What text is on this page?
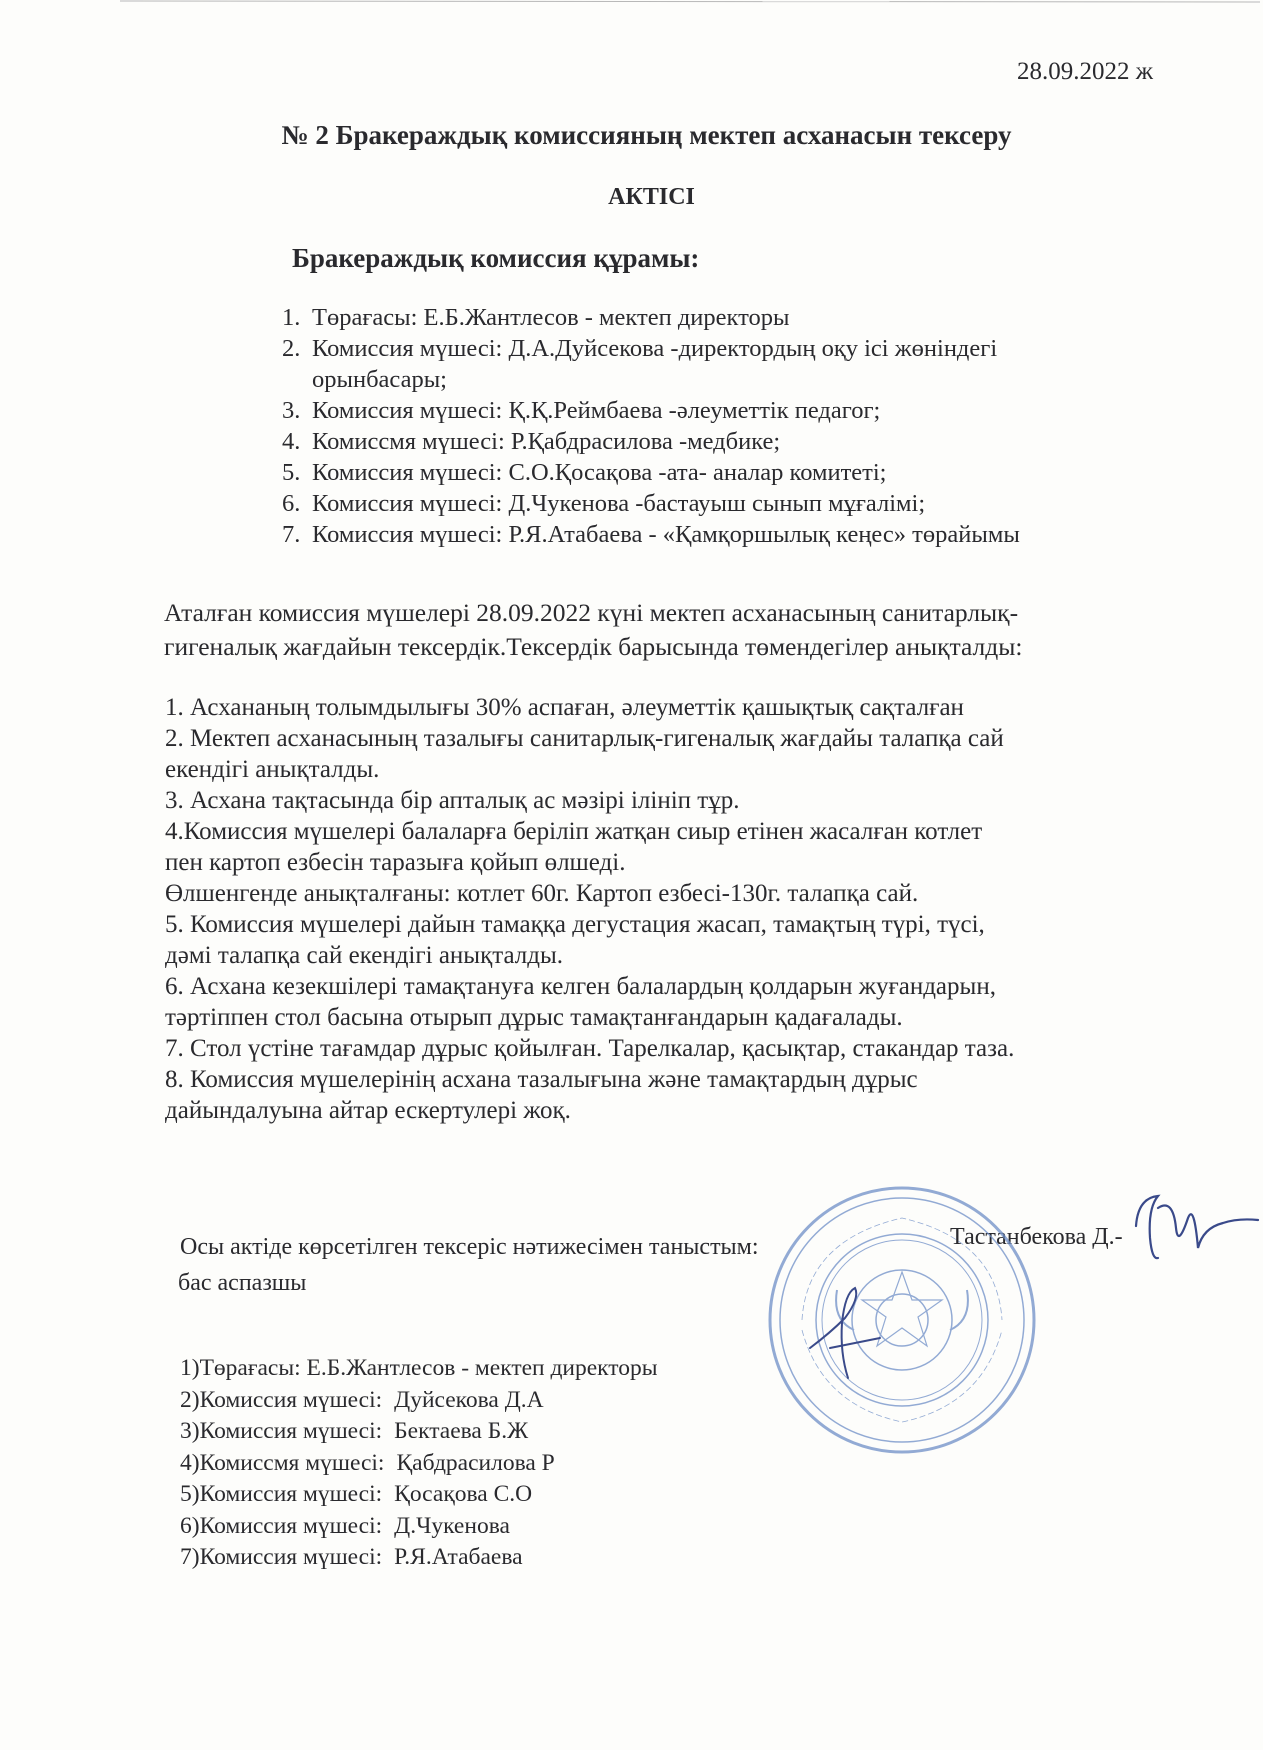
28.09.2022 ж
№ 2 Бракераждық комиссияның мектеп асханасын тексеру
АКТІСІ
Бракераждық комиссия құрамы:
1. Төрағасы: Е.Б.Жантлесов - мектеп директоры
2. Комиссия мүшесі: Д.А.Дуйсекова -директордың оқу ісі жөніндегі
орынбасары;
3. Комиссия мүшесі: Қ.Қ.Реймбаева -әлеуметтік педагог;
4. Комиссмя мүшесі: Р.Қабдрасилова -медбике;
5. Комиссия мүшесі: С.О.Қосақова -ата- аналар комитеті;
6. Комиссия мүшесі: Д.Чукенова -бастауыш сынып мұғалімі;
7. Комиссия мүшесі: Р.Я.Атабаева - «Қамқоршылық кеңес» төрайымы
Аталған комиссия мүшелері 28.09.2022 күні мектеп асханасының санитарлық-
гигеналық жағдайын тексердік.Тексердік барысында төмендегілер анықталды:
1. Асхананың толымдылығы 30% аспаған, әлеуметтік қашықтық сақталған
2. Мектеп асханасының тазалығы санитарлық-гигеналық жағдайы талапқа сай
екендігі анықталды.
3. Асхана тақтасында бір апталық ас мәзірі ілініп тұр.
4.Комиссия мүшелері балаларға беріліп жатқан сиыр етінен жасалған котлет
пен картоп езбесін таразыға қойып өлшеді.
Өлшенгенде анықталғаны: котлет 60г. Картоп езбесі-130г. талапқа сай.
5. Комиссия мүшелері дайын тамаққа дегустация жасап, тамақтың түрі, түсі,
дәмі талапқа сай екендігі анықталды.
6. Асхана кезекшілері тамақтануға келген балалардың қолдарын жуғандарын,
тәртіппен стол басына отырып дұрыс тамақтанғандарын қадағалады.
7. Стол үстіне тағамдар дұрыс қойылған. Тарелкалар, қасықтар, стакандар таза.
8. Комиссия мүшелерінің асхана тазалығына және тамақтардың дұрыс
дайындалуына айтар ескертулері жоқ.
Осы актіде көрсетілген тексеріс нәтижесімен таныстым:	Тастанбекова Д.-
бас аспазшы
1)Төрағасы: Е.Б.Жантлесов - мектеп директоры
2)Комиссия мүшесі: Дуйсекова Д.А
3)Комиссия мүшесі: Бектаева Б.Ж
4)Комиссмя мүшесі: Қабдрасилова Р
5)Комиссия мүшесі: Қосақова С.О
6)Комиссия мүшесі: Д.Чукенова
7)Комиссия мүшесі: Р.Я.Атабаева
